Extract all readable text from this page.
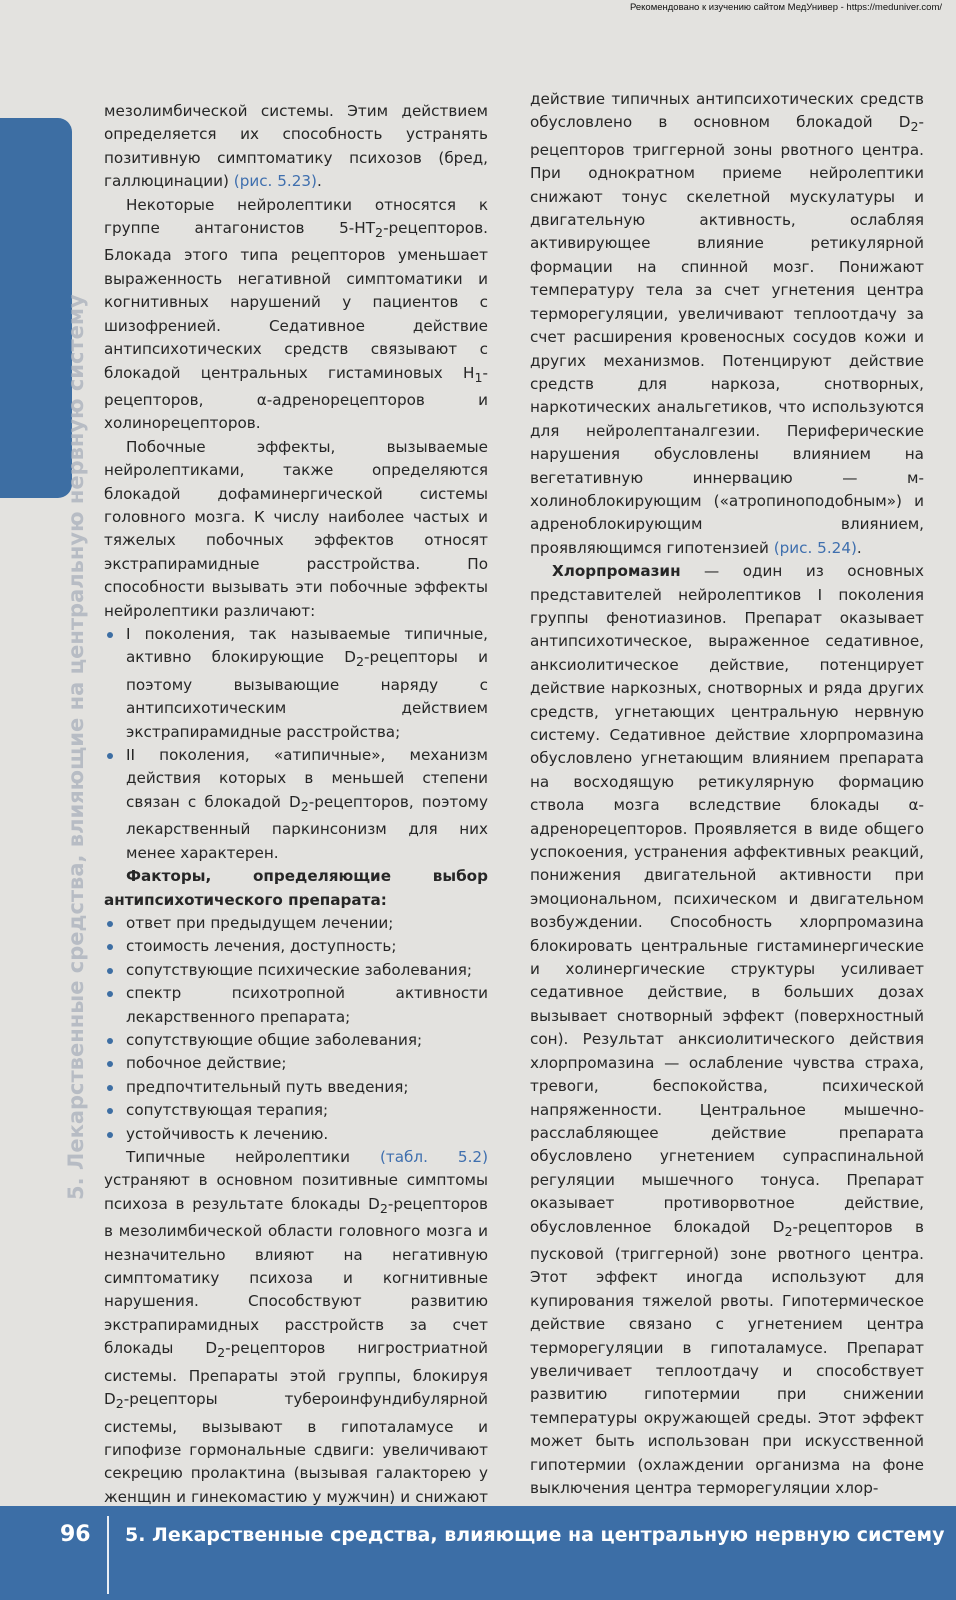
Рекомендовано к изучению сайтом МедУнивер - https://meduniver.com/
5. Лекарственные средства, влияющие на центральную нервную систему

мезолимбической системы. Этим действием определяется их способность устранять позитивную симптоматику психозов (бред, галлюцинации) (рис. 5.23).

Некоторые нейролептики относятся к группе антагонистов $5-HT_2$-рецепторов. Блокада этого типа рецепторов уменьшает выраженность негативной симптоматики и когнитивных нарушений у пациентов с шизофренией. Седативное действие антипсихотических средств связывают с блокадой центральных гистаминовых $H_1$-рецепторов, α-адренорецепторов и холинорецепторов.

Побочные эффекты, вызываемые нейролептиками, также определяются блокадой дофаминергической системы головного мозга. К числу наиболее частых и тяжелых побочных эффектов относят экстрапирамидные расстройства. По способности вызывать эти побочные эффекты нейролептики различают:

I поколения, так называемые типичные, активно блокирующие $D_2$-рецепторы и поэтому вызывающие наряду с антипсихотическим действием экстрапирамидные расстройства;
II поколения, «атипичные», механизм действия которых в меньшей степени связан с блокадой $D_2$-рецепторов, поэтому лекарственный паркинсонизм для них менее характерен.

Факторы, определяющие выбор антипсихотического препарата:

ответ при предыдущем лечении;
стоимость лечения, доступность;
сопутствующие психические заболевания;
спектр психотропной активности лекарственного препарата;
сопутствующие общие заболевания;
побочное действие;
предпочтительный путь введения;
сопутствующая терапия;
устойчивость к лечению.

Типичные нейролептики (табл. 5.2) устраняют в основном позитивные симптомы психоза в результате блокады $D_2$-рецепторов в мезолимбической области головного мозга и незначительно влияют на негативную симптоматику психоза и когнитивные нарушения. Способствуют развитию экстрапирамидных расстройств за счет блокады $D_2$-рецепторов нигростриатной системы. Препараты этой группы, блокируя $D_2$-рецепторы тубероинфундибулярной системы, вызывают в гипоталамусе и гипофизе гормональные сдвиги: увеличивают секрецию пролактина (вызывая галакторею у женщин и гинекомастию у мужчин) и снижают

действие типичных антипсихотических средств обусловлено в основном блокадой $D_2$-рецепторов триггерной зоны рвотного центра. При однократном приеме нейролептики снижают тонус скелетной мускулатуры и двигательную активность, ослабляя активирующее влияние ретикулярной формации на спинной мозг. Понижают температуру тела за счет угнетения центра терморегуляции, увеличивают теплоотдачу за счет расширения кровеносных сосудов кожи и других механизмов. Потенцируют действие средств для наркоза, снотворных, наркотических анальгетиков, что используются для нейролептаналгезии. Периферические нарушения обусловлены влиянием на вегетативную иннервацию — м-холиноблокирующим («атропиноподобным») и адреноблокирующим влиянием, проявляющимся гипотензией (рис. 5.24).

Хлорпромазин — один из основных представителей нейролептиков I поколения группы фенотиазинов. Препарат оказывает антипсихотическое, выраженное седативное, анксиолитическое действие, потенцирует действие наркозных, снотворных и ряда других средств, угнетающих центральную нервную систему. Седативное действие хлорпромазина обусловлено угнетающим влиянием препарата на восходящую ретикулярную формацию ствола мозга вследствие блокады α-адренорецепторов. Проявляется в виде общего успокоения, устранения аффективных реакций, понижения двигательной активности при эмоциональном, психическом и двигательном возбуждении. Способность хлорпромазина блокировать центральные гистаминергические и холинергические структуры усиливает седативное действие, в больших дозах вызывает снотворный эффект (поверхностный сон). Результат анксиолитического действия хлорпромазина — ослабление чувства страха, тревоги, беспокойства, психической напряженности. Центральное мышечно-расслабляющее действие препарата обусловлено угнетением супраспинальной регуляции мышечного тонуса. Препарат оказывает противорвотное действие, обусловленное блокадой $D_2$-рецепторов в пусковой (триггерной) зоне рвотного центра. Этот эффект иногда используют для купирования тяжелой рвоты. Гипотермическое действие связано с угнетением центра терморегуляции в гипоталамусе. Препарат увеличивает теплоотдачу и способствует развитию гипотермии при снижении температуры окружающей среды. Этот эффект может быть использован при искусственной гипотермии (охлаждении организма на фоне выключения центра терморегуляции хлор-

96 5. Лекарственные средства, влияющие на центральную нервную систему
